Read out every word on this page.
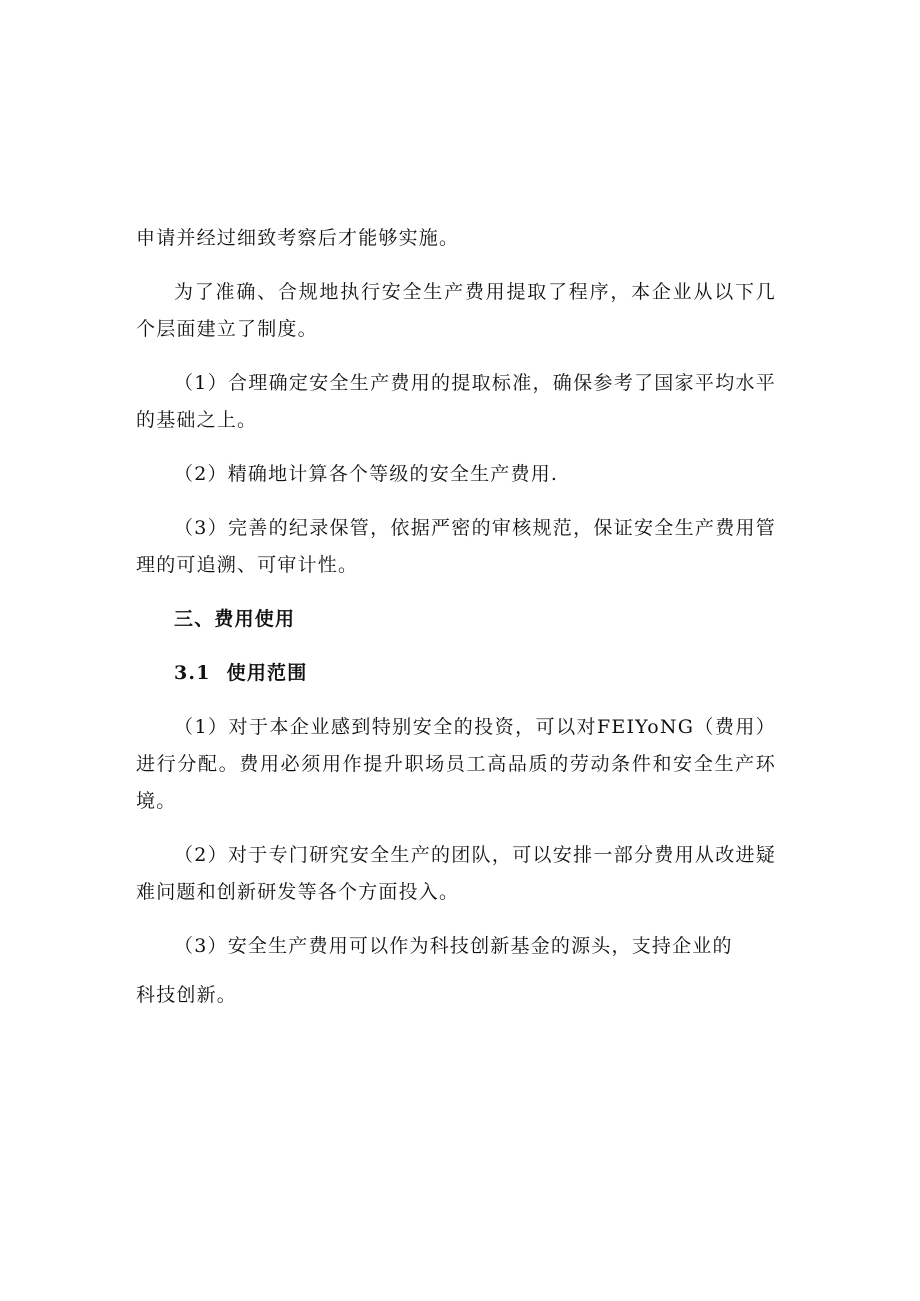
申请并经过细致考察后才能够实施。

为了准确、合规地执行安全生产费用提取了程序，本企业从以下几个层面建立了制度。

（1）合理确定安全生产费用的提取标准，确保参考了国家平均水平的基础之上。

（2）精确地计算各个等级的安全生产费用.

（3）完善的纪录保管，依据严密的审核规范，保证安全生产费用管理的可追溯、可审计性。

三、费用使用

3.1 使用范围

（1）对于本企业感到特别安全的投资，可以对FEIYoNG（费用）进行分配。费用必须用作提升职场员工高品质的劳动条件和安全生产环境。

（2）对于专门研究安全生产的团队，可以安排一部分费用从改进疑难问题和创新研发等各个方面投入。

（3）安全生产费用可以作为科技创新基金的源头，支持企业的

科技创新。
